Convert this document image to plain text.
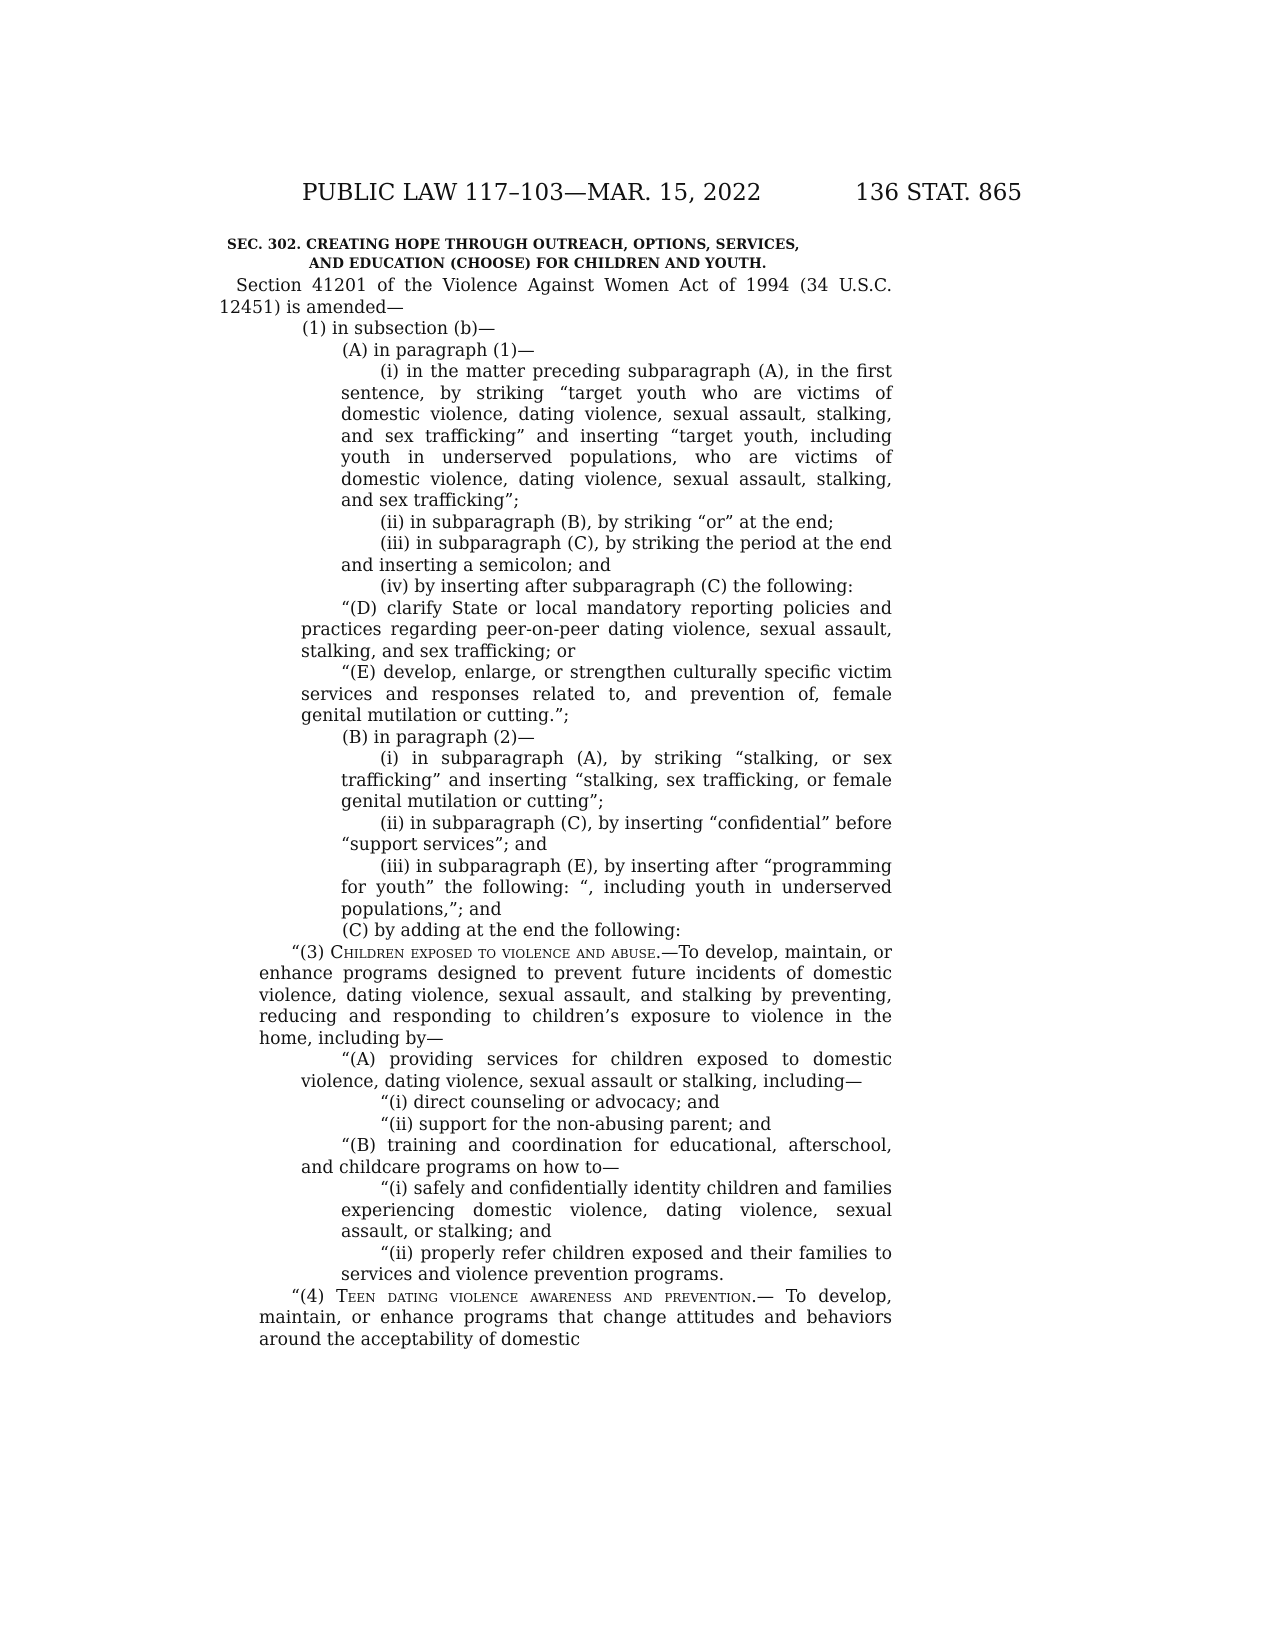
PUBLIC LAW 117–103—MAR. 15, 2022	136 STAT. 865
SEC. 302. CREATING HOPE THROUGH OUTREACH, OPTIONS, SERVICES,
AND EDUCATION (CHOOSE) FOR CHILDREN AND YOUTH.

Section 41201 of the Violence Against Women Act of 1994 (34 U.S.C. 12451) is amended—

(1) in subsection (b)—

(A) in paragraph (1)—

(i) in the matter preceding subparagraph (A), in the first sentence, by striking “target youth who are victims of domestic violence, dating violence, sexual assault, stalking, and sex trafficking” and inserting “target youth, including youth in underserved populations, who are victims of domestic violence, dating violence, sexual assault, stalking, and sex trafficking”;

(ii) in subparagraph (B), by striking “or” at the end;

(iii) in subparagraph (C), by striking the period at the end and inserting a semicolon; and

(iv) by inserting after subparagraph (C) the following:

“(D) clarify State or local mandatory reporting policies and practices regarding peer-on-peer dating violence, sexual assault, stalking, and sex trafficking; or

“(E) develop, enlarge, or strengthen culturally specific victim services and responses related to, and prevention of, female genital mutilation or cutting.”;

(B) in paragraph (2)—

(i) in subparagraph (A), by striking “stalking, or sex trafficking” and inserting “stalking, sex trafficking, or female genital mutilation or cutting”;

(ii) in subparagraph (C), by inserting “confidential” before “support services”; and

(iii) in subparagraph (E), by inserting after “programming for youth” the following: “, including youth in underserved populations,”; and

(C) by adding at the end the following:

“(3) Children exposed to violence and abuse.—To develop, maintain, or enhance programs designed to prevent future incidents of domestic violence, dating violence, sexual assault, and stalking by preventing, reducing and responding to children’s exposure to violence in the home, including by—

“(A) providing services for children exposed to domestic violence, dating violence, sexual assault or stalking, including—

“(i) direct counseling or advocacy; and

“(ii) support for the non-abusing parent; and

“(B) training and coordination for educational, afterschool, and childcare programs on how to—

“(i) safely and confidentially identity children and families experiencing domestic violence, dating violence, sexual assault, or stalking; and

“(ii) properly refer children exposed and their families to services and violence prevention programs.

“(4) Teen dating violence awareness and prevention.— To develop, maintain, or enhance programs that change attitudes and behaviors around the acceptability of domestic
